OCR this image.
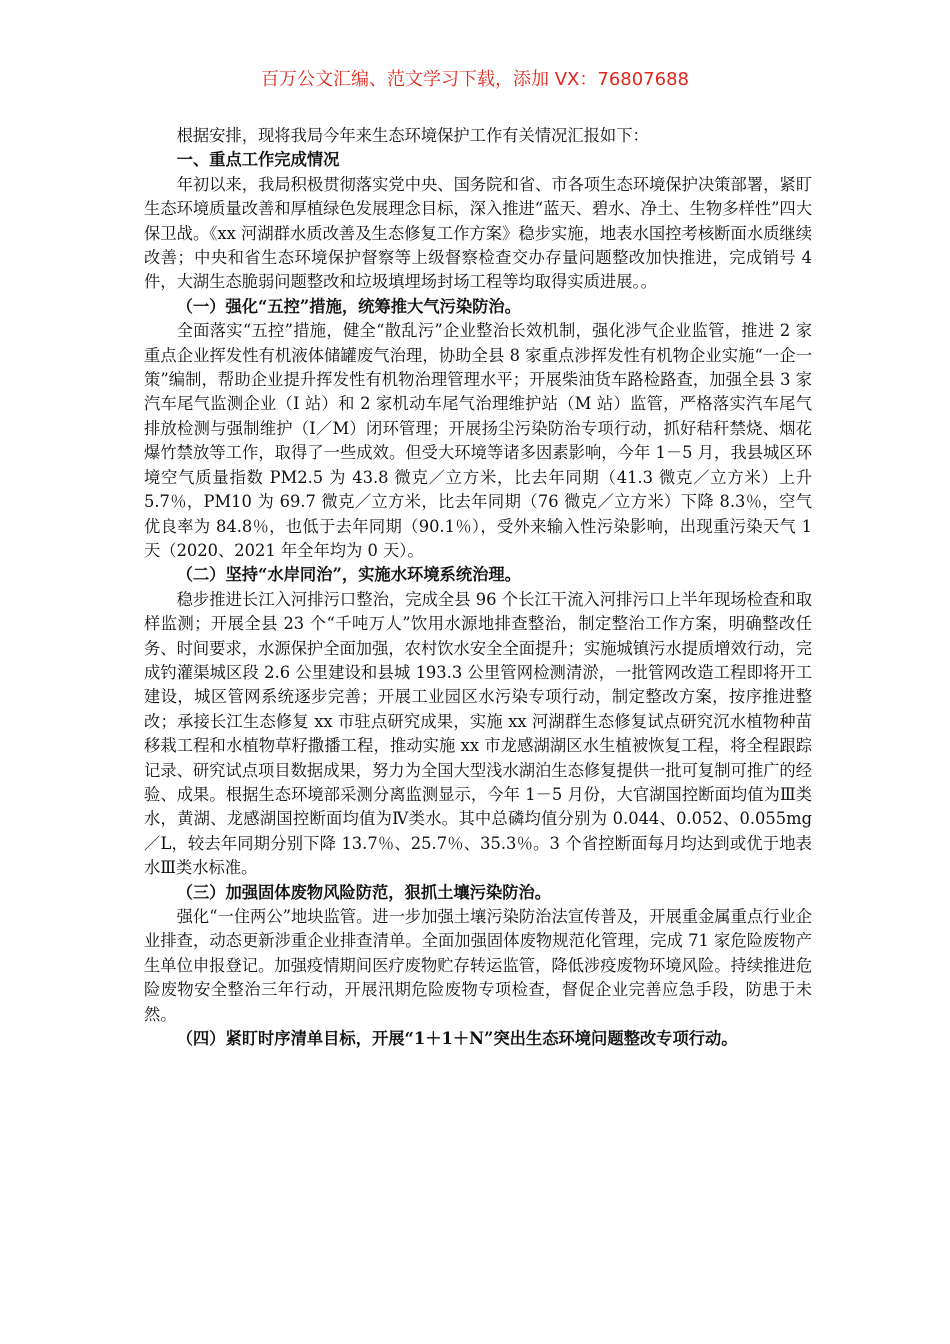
百万公文汇编、范文学习下载，添加 VX：76807688

根据安排，现将我局今年来生态环境保护工作有关情况汇报如下：

一、重点工作完成情况

年初以来，我局积极贯彻落实党中央、国务院和省、市各项生态环境保护决策部署，紧盯生态环境质量改善和厚植绿色发展理念目标，深入推进“蓝天、碧水、净土、生物多样性”四大保卫战。《xx 河湖群水质改善及生态修复工作方案》稳步实施，地表水国控考核断面水质继续改善；中央和省生态环境保护督察等上级督察检查交办存量问题整改加快推进，完成销号 4 件，大湖生态脆弱问题整改和垃圾填埋场封场工程等均取得实质进展。。

（一）强化“五控”措施，统筹推大气污染防治。

全面落实“五控”措施，健全“散乱污”企业整治长效机制，强化涉气企业监管，推进 2 家重点企业挥发性有机液体储罐废气治理，协助全县 8 家重点涉挥发性有机物企业实施“一企一策”编制，帮助企业提升挥发性有机物治理管理水平；开展柴油货车路检路查，加强全县 3 家汽车尾气监测企业（I 站）和 2 家机动车尾气治理维护站（M 站）监管，严格落实汽车尾气排放检测与强制维护（I／M）闭环管理；开展扬尘污染防治专项行动，抓好秸秆禁烧、烟花爆竹禁放等工作，取得了一些成效。但受大环境等诸多因素影响，今年 1－5 月，我县城区环境空气质量指数 PM2.5 为 43.8 微克／立方米，比去年同期（41.3 微克／立方米）上升 5.7％，PM10 为 69.7 微克／立方米，比去年同期（76 微克／立方米）下降 8.3％，空气优良率为 84.8％，也低于去年同期（90.1％），受外来输入性污染影响，出现重污染天气 1 天（2020、2021 年全年均为 0 天）。

（二）坚持“水岸同治”，实施水环境系统治理。

稳步推进长江入河排污口整治，完成全县 96 个长江干流入河排污口上半年现场检查和取样监测；开展全县 23 个“千吨万人”饮用水源地排查整治，制定整治工作方案，明确整改任务、时间要求，水源保护全面加强，农村饮水安全全面提升；实施城镇污水提质增效行动，完成钓灌渠城区段 2.6 公里建设和县城 193.3 公里管网检测清淤，一批管网改造工程即将开工建设，城区管网系统逐步完善；开展工业园区水污染专项行动，制定整改方案，按序推进整改；承接长江生态修复 xx 市驻点研究成果，实施 xx 河湖群生态修复试点研究沉水植物种苗移栽工程和水植物草籽撒播工程，推动实施 xx 市龙感湖湖区水生植被恢复工程，将全程跟踪记录、研究试点项目数据成果，努力为全国大型浅水湖泊生态修复提供一批可复制可推广的经验、成果。根据生态环境部采测分离监测显示，今年 1－5 月份，大官湖国控断面均值为Ⅲ类水，黄湖、龙感湖国控断面均值为Ⅳ类水。其中总磷均值分别为 0.044、0.052、0.055mg／L，较去年同期分别下降 13.7％、25.7％、35.3％。3 个省控断面每月均达到或优于地表水Ⅲ类水标准。

（三）加强固体废物风险防范，狠抓土壤污染防治。

强化“一住两公”地块监管。进一步加强土壤污染防治法宣传普及，开展重金属重点行业企业排查，动态更新涉重企业排查清单。全面加强固体废物规范化管理，完成 71 家危险废物产生单位申报登记。加强疫情期间医疗废物贮存转运监管，降低涉疫废物环境风险。持续推进危险废物安全整治三年行动，开展汛期危险废物专项检查，督促企业完善应急手段，防患于未然。

（四）紧盯时序清单目标，开展“1＋1＋N”突出生态环境问题整改专项行动。
